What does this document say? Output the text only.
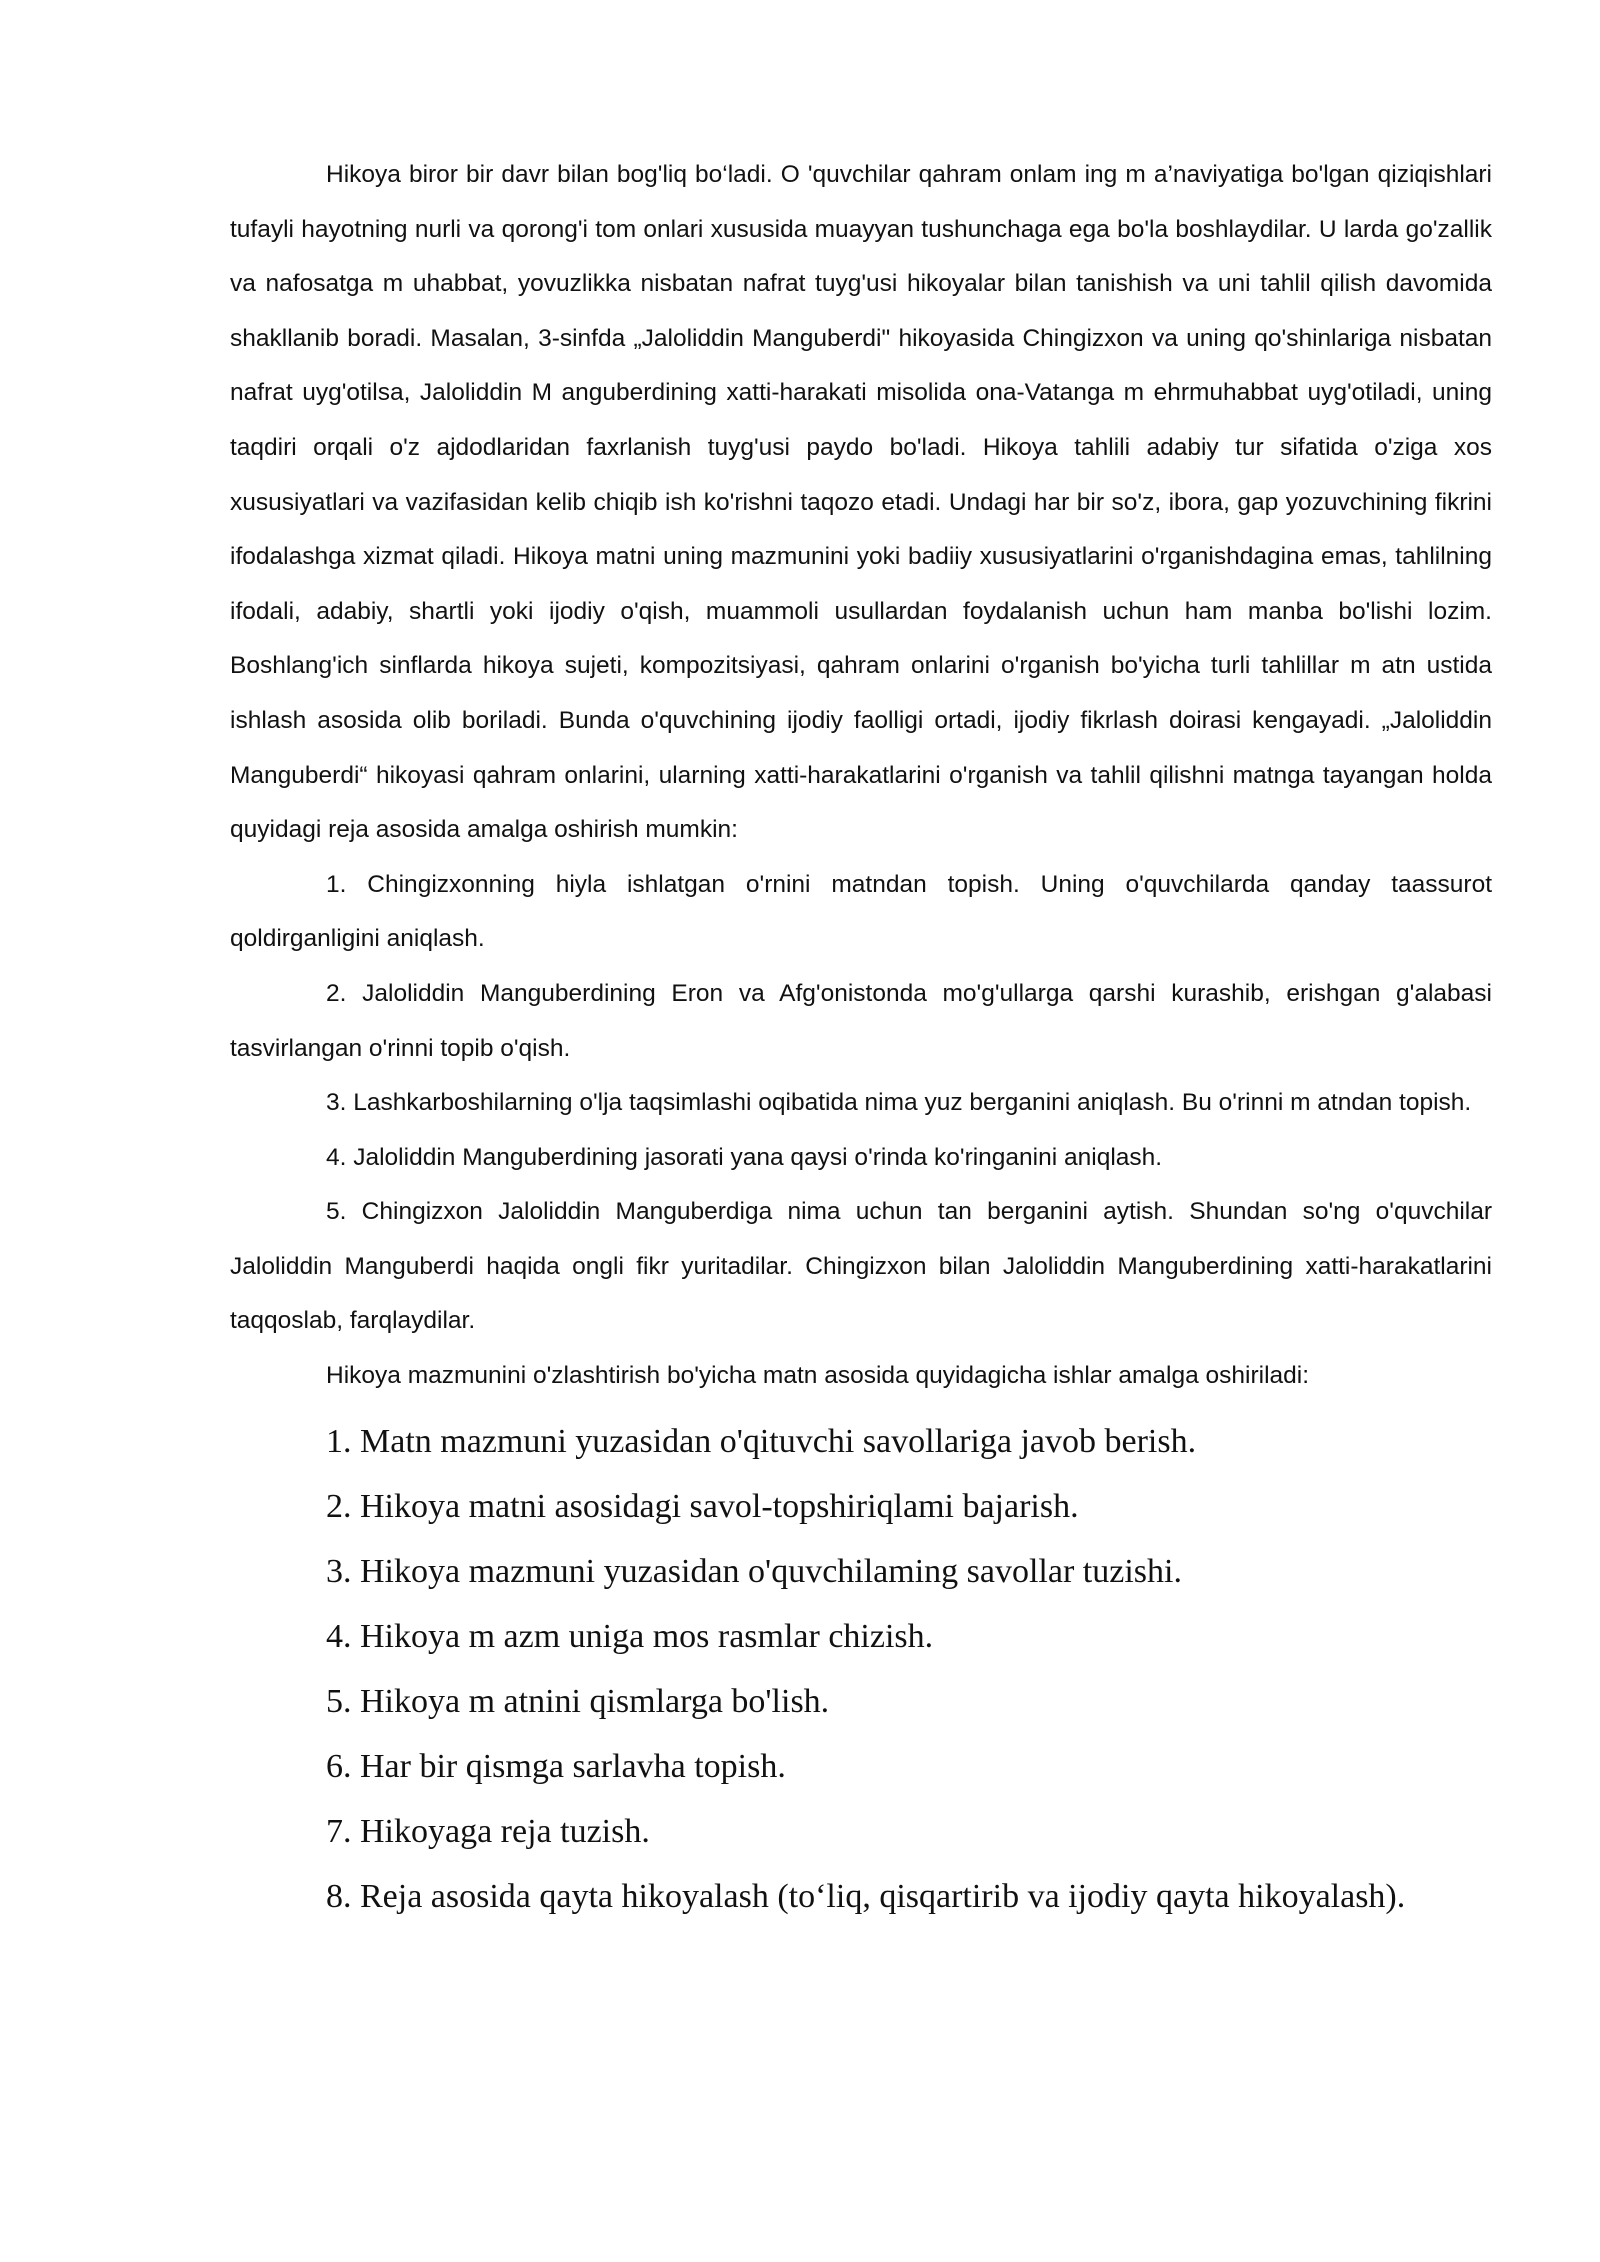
Hikoya biror bir davr bilan bog'liq bo‘ladi. O 'quvchilar qahram onlam ing m a’naviyatiga bo'lgan qiziqishlari tufayli hayotning nurli va qorong'i tom onlari xususida muayyan tushunchaga ega bo'la boshlaydilar. U larda go'zallik va nafosatga m uhabbat, yovuzlikka nisbatan nafrat tuyg'usi hikoyalar bilan tanishish va uni tahlil qilish davomida shakllanib boradi. Masalan, 3-sinfda „Jaloliddin Manguberdi" hikoyasida Chingizxon va uning qo'shinlariga nisbatan nafrat uyg'otilsa, Jaloliddin M anguberdining xatti-harakati misolida ona-Vatanga m ehrmuhabbat uyg'otiladi, uning taqdiri orqali o'z ajdodlaridan faxrlanish tuyg'usi paydo bo'ladi. Hikoya tahlili adabiy tur sifatida o'ziga xos xususiyatlari va vazifasidan kelib chiqib ish ko'rishni taqozo etadi. Undagi har bir so'z, ibora, gap yozuvchining fikrini ifodalashga xizmat qiladi. Hikoya matni uning mazmunini yoki badiiy xususiyatlarini o'rganishdagina emas, tahlilning ifodali, adabiy, shartli yoki ijodiy o'qish, muammoli usullardan foydalanish uchun ham manba bo'lishi lozim. Boshlang'ich sinflarda hikoya sujeti, kompozitsiyasi, qahram onlarini o'rganish bo'yicha turli tahlillar m atn ustida ishlash asosida olib boriladi. Bunda o'quvchining ijodiy faolligi ortadi, ijodiy fikrlash doirasi kengayadi. „Jaloliddin Manguberdi“ hikoyasi qahram onlarini, ularning xatti-harakatlarini o'rganish va tahlil qilishni matnga tayangan holda quyidagi reja asosida amalga oshirish mumkin:

1. Chingizxonning hiyla ishlatgan o'rnini matndan topish. Uning o'quvchilarda qanday taassurot qoldirganligini aniqlash.

2. Jaloliddin Manguberdining Eron va Afg'onistonda mo'g'ullarga qarshi kurashib, erishgan g'alabasi tasvirlangan o'rinni topib o'qish.

3. Lashkarboshilarning o'lja taqsimlashi oqibatida nima yuz berganini aniqlash. Bu o'rinni m atndan topish.

4. Jaloliddin Manguberdining jasorati yana qaysi o'rinda ko'ringanini aniqlash.

5. Chingizxon Jaloliddin Manguberdiga nima uchun tan berganini aytish. Shundan so'ng o'quvchilar Jaloliddin Manguberdi haqida ongli fikr yuritadilar. Chingizxon bilan Jaloliddin Manguberdining xatti-harakatlarini taqqoslab, farqlaydilar.

Hikoya mazmunini o'zlashtirish bo'yicha matn asosida quyidagicha ishlar amalga oshiriladi:

1. Matn mazmuni yuzasidan o'qituvchi savollariga javob berish.

2. Hikoya matni asosidagi savol-topshiriqlami bajarish.

3. Hikoya mazmuni yuzasidan o'quvchilaming savollar tuzishi.

4. Hikoya m azm uniga mos rasmlar chizish.

5. Hikoya m atnini qismlarga bo'lish.

6. Har bir qismga sarlavha topish.

7. Hikoyaga reja tuzish.

8. Reja asosida qayta hikoyalash (to‘liq, qisqartirib va ijodiy qayta hikoyalash).
